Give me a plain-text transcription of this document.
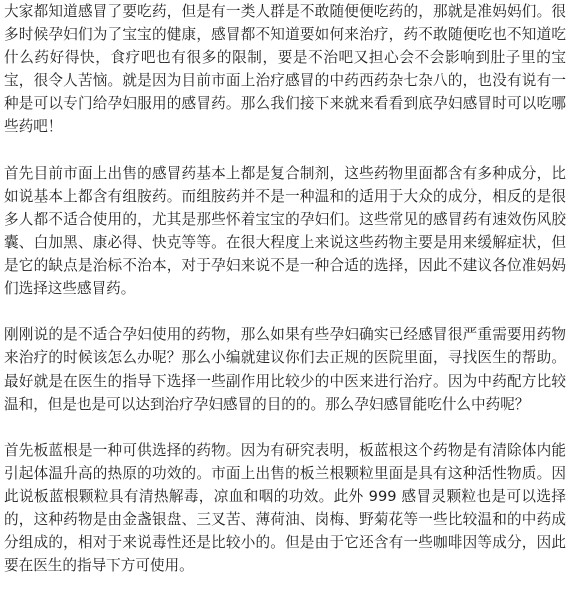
大家都知道感冒了要吃药，但是有一类人群是不敢随便便吃药的，那就是准妈妈们。很多时候孕妇们为了宝宝的健康，感冒都不知道要如何来治疗，药不敢随便吃也不知道吃什么药好得快，食疗吧也有很多的限制，要是不治吧又担心会不会影响到肚子里的宝宝，很令人苦恼。就是因为目前市面上治疗感冒的中药西药杂七杂八的，也没有说有一种是可以专门给孕妇服用的感冒药。那么我们接下来就来看看到底孕妇感冒时可以吃哪些药吧！

首先目前市面上出售的感冒药基本上都是复合制剂，这些药物里面都含有多种成分，比如说基本上都含有组胺药。而组胺药并不是一种温和的适用于大众的成分，相反的是很多人都不适合使用的，尤其是那些怀着宝宝的孕妇们。这些常见的感冒药有速效伤风胶囊、白加黑、康必得、快克等等。在很大程度上来说这些药物主要是用来缓解症状，但是它的缺点是治标不治本，对于孕妇来说不是一种合适的选择，因此不建议各位准妈妈们选择这些感冒药。

刚刚说的是不适合孕妇使用的药物，那么如果有些孕妇确实已经感冒很严重需要用药物来治疗的时候该怎么办呢？那么小编就建议你们去正规的医院里面，寻找医生的帮助。最好就是在医生的指导下选择一些副作用比较少的中医来进行治疗。因为中药配方比较温和，但是也是可以达到治疗孕妇感冒的目的的。那么孕妇感冒能吃什么中药呢？

首先板蓝根是一种可供选择的药物。因为有研究表明，板蓝根这个药物是有清除体内能引起体温升高的热原的功效的。市面上出售的板兰根颗粒里面是具有这种活性物质。因此说板蓝根颗粒具有清热解毒，凉血和咽的功效。此外 999 感冒灵颗粒也是可以选择的，这种药物是由金盏银盘、三叉苦、薄荷油、岗梅、野菊花等一些比较温和的中药成分组成的，相对于来说毒性还是比较小的。但是由于它还含有一些咖啡因等成分，因此要在医生的指导下方可使用。
